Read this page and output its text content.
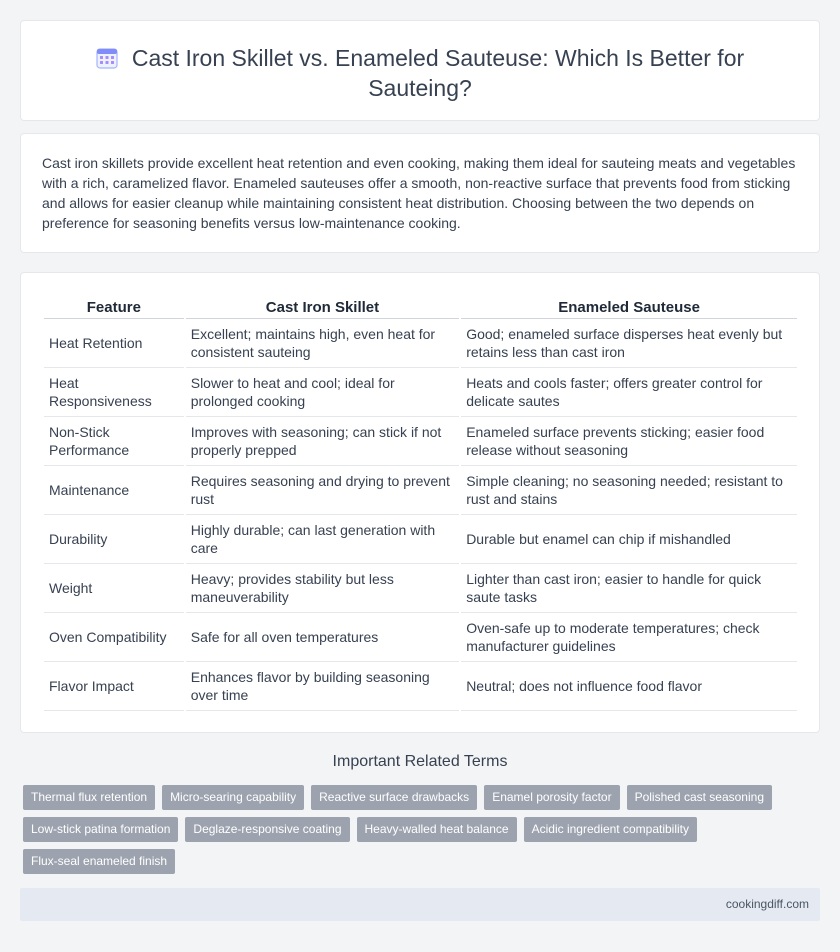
Cast Iron Skillet vs. Enameled Sauteuse: Which Is Better for Sauteing?

Cast iron skillets provide excellent heat retention and even cooking, making them ideal for sauteing meats and vegetables with a rich, caramelized flavor. Enameled sauteuses offer a smooth, non-reactive surface that prevents food from sticking and allows for easier cleanup while maintaining consistent heat distribution. Choosing between the two depends on preference for seasoning benefits versus low-maintenance cooking.

Feature	Cast Iron Skillet	Enameled Sauteuse
Heat Retention	Excellent; maintains high, even heat for consistent sauteing	Good; enameled surface disperses heat evenly but retains less than cast iron
Heat Responsiveness	Slower to heat and cool; ideal for prolonged cooking	Heats and cools faster; offers greater control for delicate sautes
Non-Stick Performance	Improves with seasoning; can stick if not properly prepped	Enameled surface prevents sticking; easier food release without seasoning
Maintenance	Requires seasoning and drying to prevent rust	Simple cleaning; no seasoning needed; resistant to rust and stains
Durability	Highly durable; can last generation with care	Durable but enamel can chip if mishandled
Weight	Heavy; provides stability but less maneuverability	Lighter than cast iron; easier to handle for quick saute tasks
Oven Compatibility	Safe for all oven temperatures	Oven-safe up to moderate temperatures; check manufacturer guidelines
Flavor Impact	Enhances flavor by building seasoning over time	Neutral; does not influence food flavor
Important Related Terms
Thermal flux retention	Micro-searing capability	Reactive surface drawbacks	Enamel porosity factor	Polished cast seasoning
Low-stick patina formation	Deglaze-responsive coating	Heavy-walled heat balance	Acidic ingredient compatibility
Flux-seal enameled finish
cookingdiff.com
